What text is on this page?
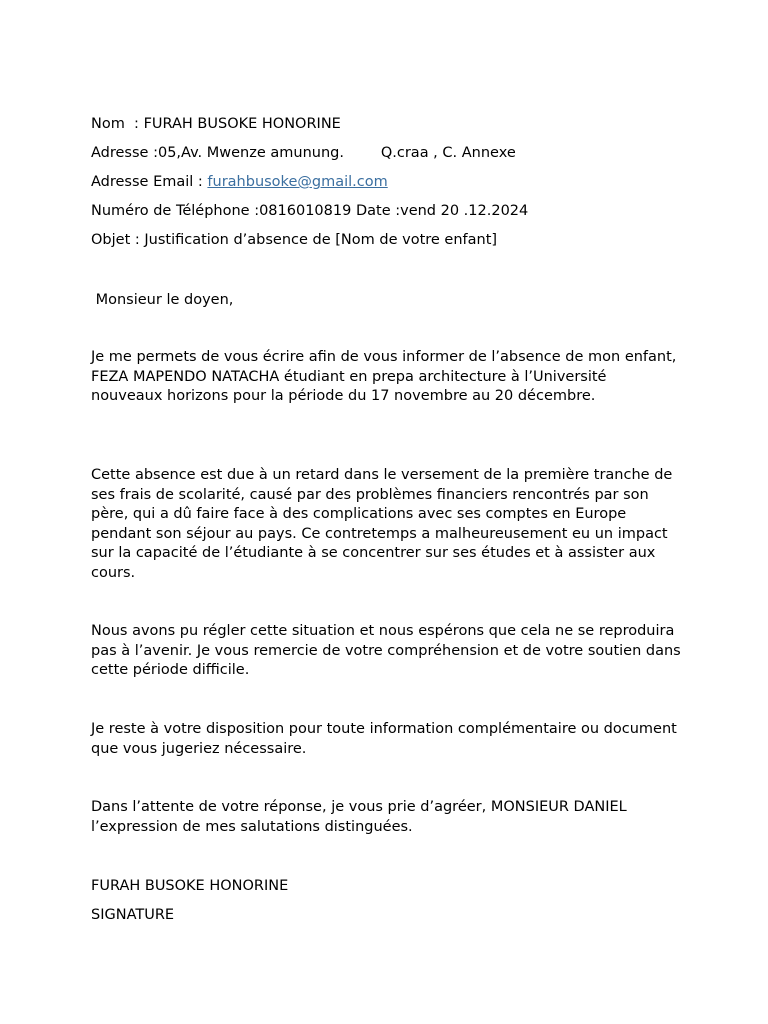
Nom  : FURAH BUSOKE HONORINE
Adresse :05,Av. Mwenze amunung.        Q.craa , C. Annexe
Adresse Email : furahbusoke@gmail.com
Numéro de Téléphone :0816010819 Date :vend 20 .12.2024
Objet : Justification d’absence de [Nom de votre enfant]
Monsieur le doyen,
Je me permets de vous écrire afin de vous informer de l’absence de mon enfant, FEZA MAPENDO NATACHA étudiant en prepa architecture à l’Université nouveaux horizons pour la période du 17 novembre au 20 décembre.
Cette absence est due à un retard dans le versement de la première tranche de ses frais de scolarité, causé par des problèmes financiers rencontrés par son père, qui a dû faire face à des complications avec ses comptes en Europe pendant son séjour au pays. Ce contretemps a malheureusement eu un impact sur la capacité de l’étudiante à se concentrer sur ses études et à assister aux cours.
Nous avons pu régler cette situation et nous espérons que cela ne se reproduira pas à l’avenir. Je vous remercie de votre compréhension et de votre soutien dans cette période difficile.
Je reste à votre disposition pour toute information complémentaire ou document que vous jugeriez nécessaire.
Dans l’attente de votre réponse, je vous prie d’agréer, MONSIEUR DANIEL l’expression de mes salutations distinguées.
FURAH BUSOKE HONORINE
SIGNATURE
